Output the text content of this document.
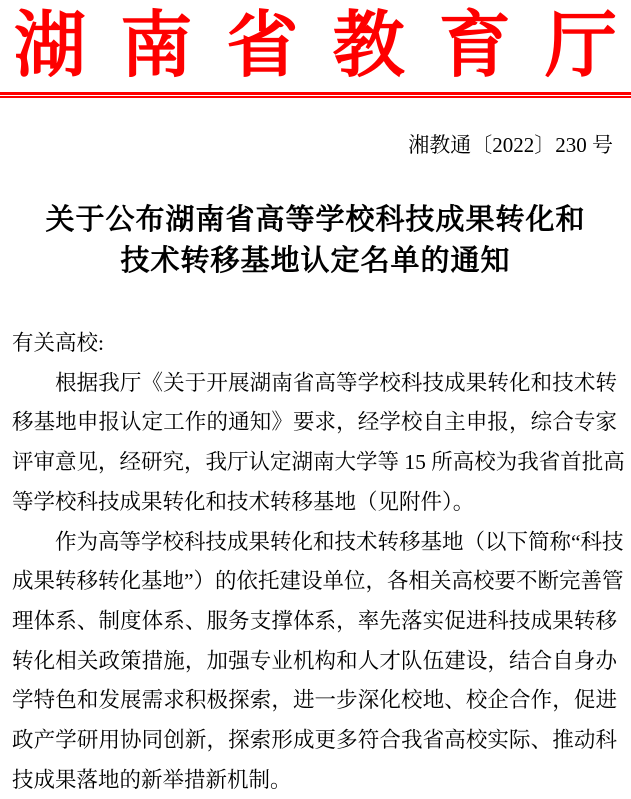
湖南省教育厅
湘教通〔2022〕230 号
关于公布湖南省高等学校科技成果转化和
技术转移基地认定名单的通知
有关高校:
根据我厅《关于开展湖南省高等学校科技成果转化和技术转
移基地申报认定工作的通知》要求，经学校自主申报，综合专家
评审意见，经研究，我厅认定湖南大学等 15 所高校为我省首批高
等学校科技成果转化和技术转移基地（见附件）。
作为高等学校科技成果转化和技术转移基地（以下简称“科技
成果转移转化基地”）的依托建设单位，各相关高校要不断完善管
理体系、制度体系、服务支撑体系，率先落实促进科技成果转移
转化相关政策措施，加强专业机构和人才队伍建设，结合自身办
学特色和发展需求积极探索，进一步深化校地、校企合作，促进
政产学研用协同创新，探索形成更多符合我省高校实际、推动科
技成果落地的新举措新机制。
